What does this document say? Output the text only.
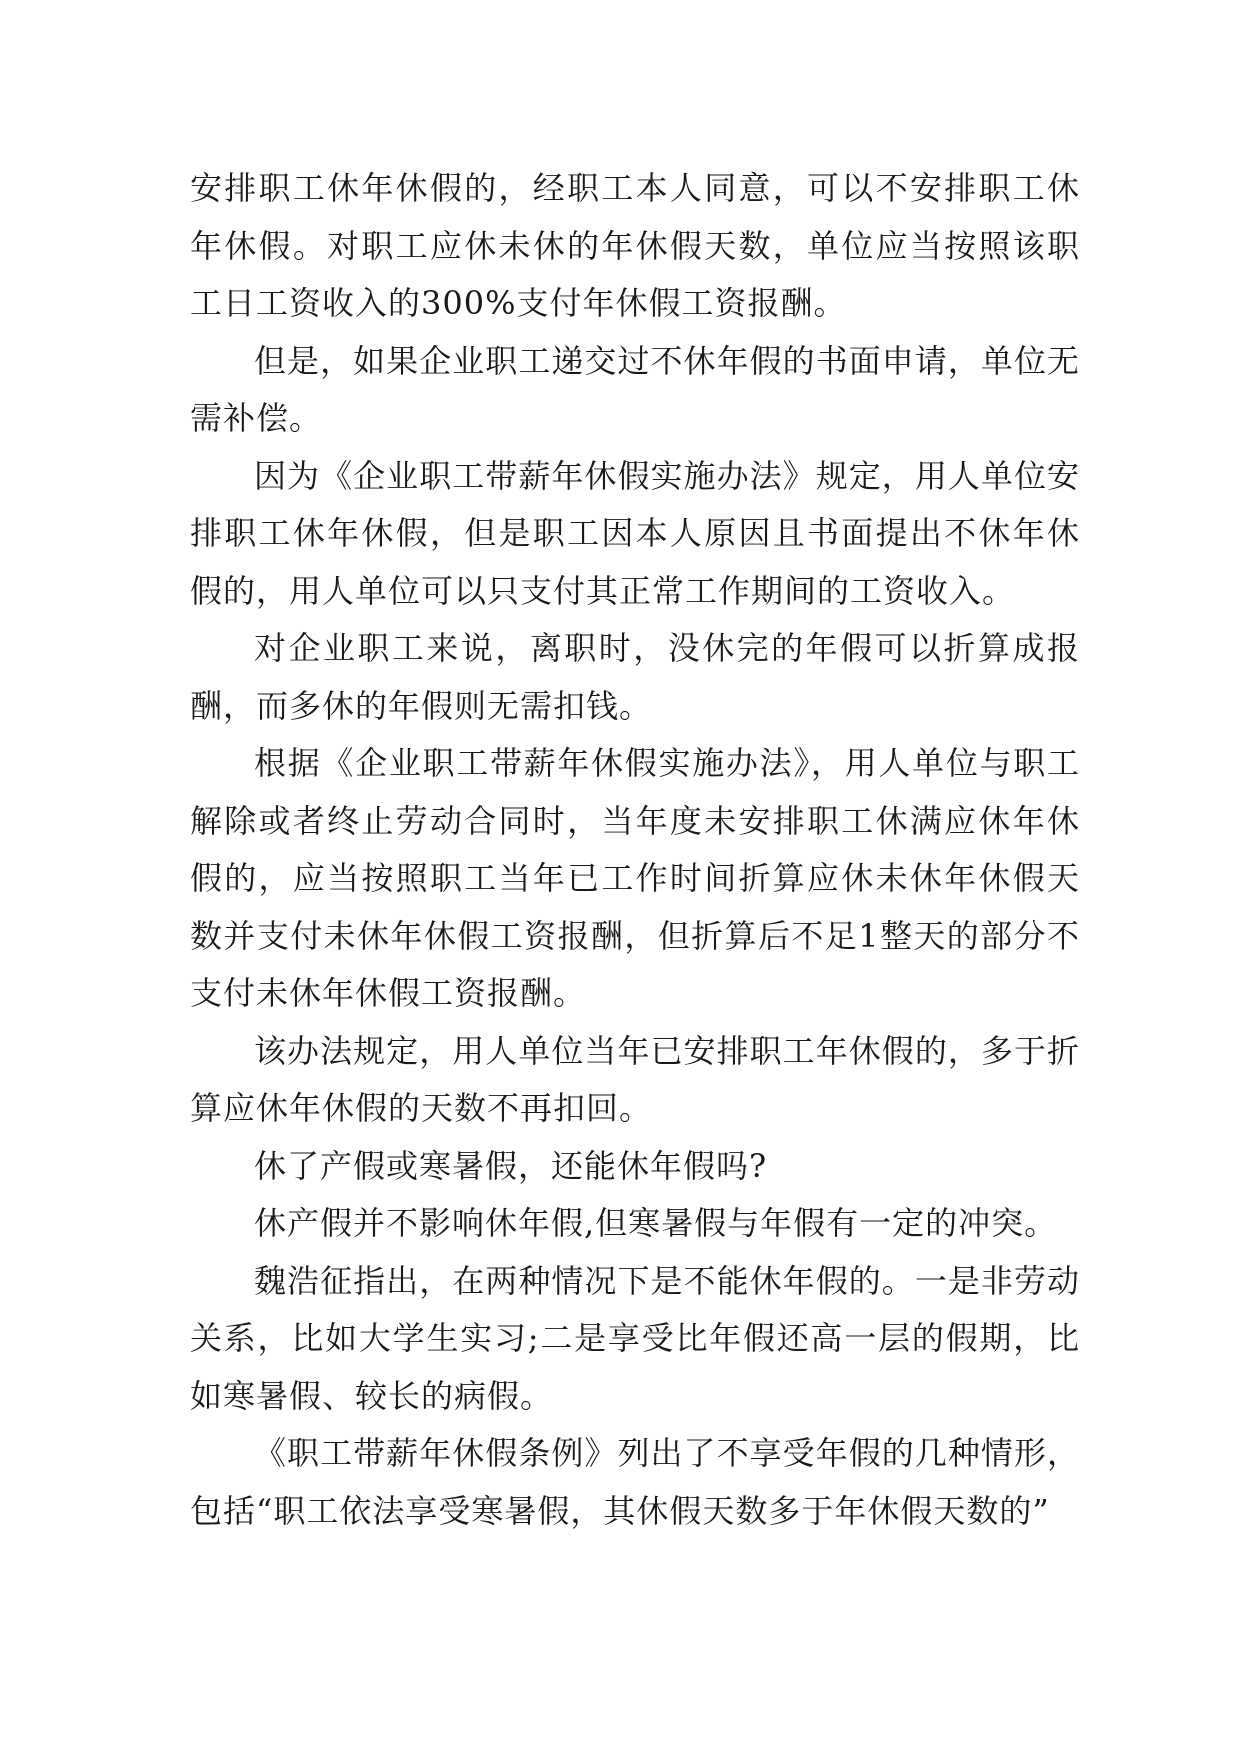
安排职工休年休假的，经职工本人同意，可以不安排职工休年休假。对职工应休未休的年休假天数，单位应当按照该职工日工资收入的300%支付年休假工资报酬。

但是，如果企业职工递交过不休年假的书面申请，单位无需补偿。

因为《企业职工带薪年休假实施办法》规定，用人单位安排职工休年休假，但是职工因本人原因且书面提出不休年休假的，用人单位可以只支付其正常工作期间的工资收入。

对企业职工来说，离职时，没休完的年假可以折算成报酬，而多休的年假则无需扣钱。

根据《企业职工带薪年休假实施办法》，用人单位与职工解除或者终止劳动合同时，当年度未安排职工休满应休年休假的，应当按照职工当年已工作时间折算应休未休年休假天数并支付未休年休假工资报酬，但折算后不足1整天的部分不支付未休年休假工资报酬。

该办法规定，用人单位当年已安排职工年休假的，多于折算应休年休假的天数不再扣回。

休了产假或寒暑假，还能休年假吗?

休产假并不影响休年假,但寒暑假与年假有一定的冲突。

魏浩征指出，在两种情况下是不能休年假的。一是非劳动关系，比如大学生实习;二是享受比年假还高一层的假期，比如寒暑假、较长的病假。

《职工带薪年休假条例》列出了不享受年假的几种情形，包括“职工依法享受寒暑假，其休假天数多于年休假天数的”
